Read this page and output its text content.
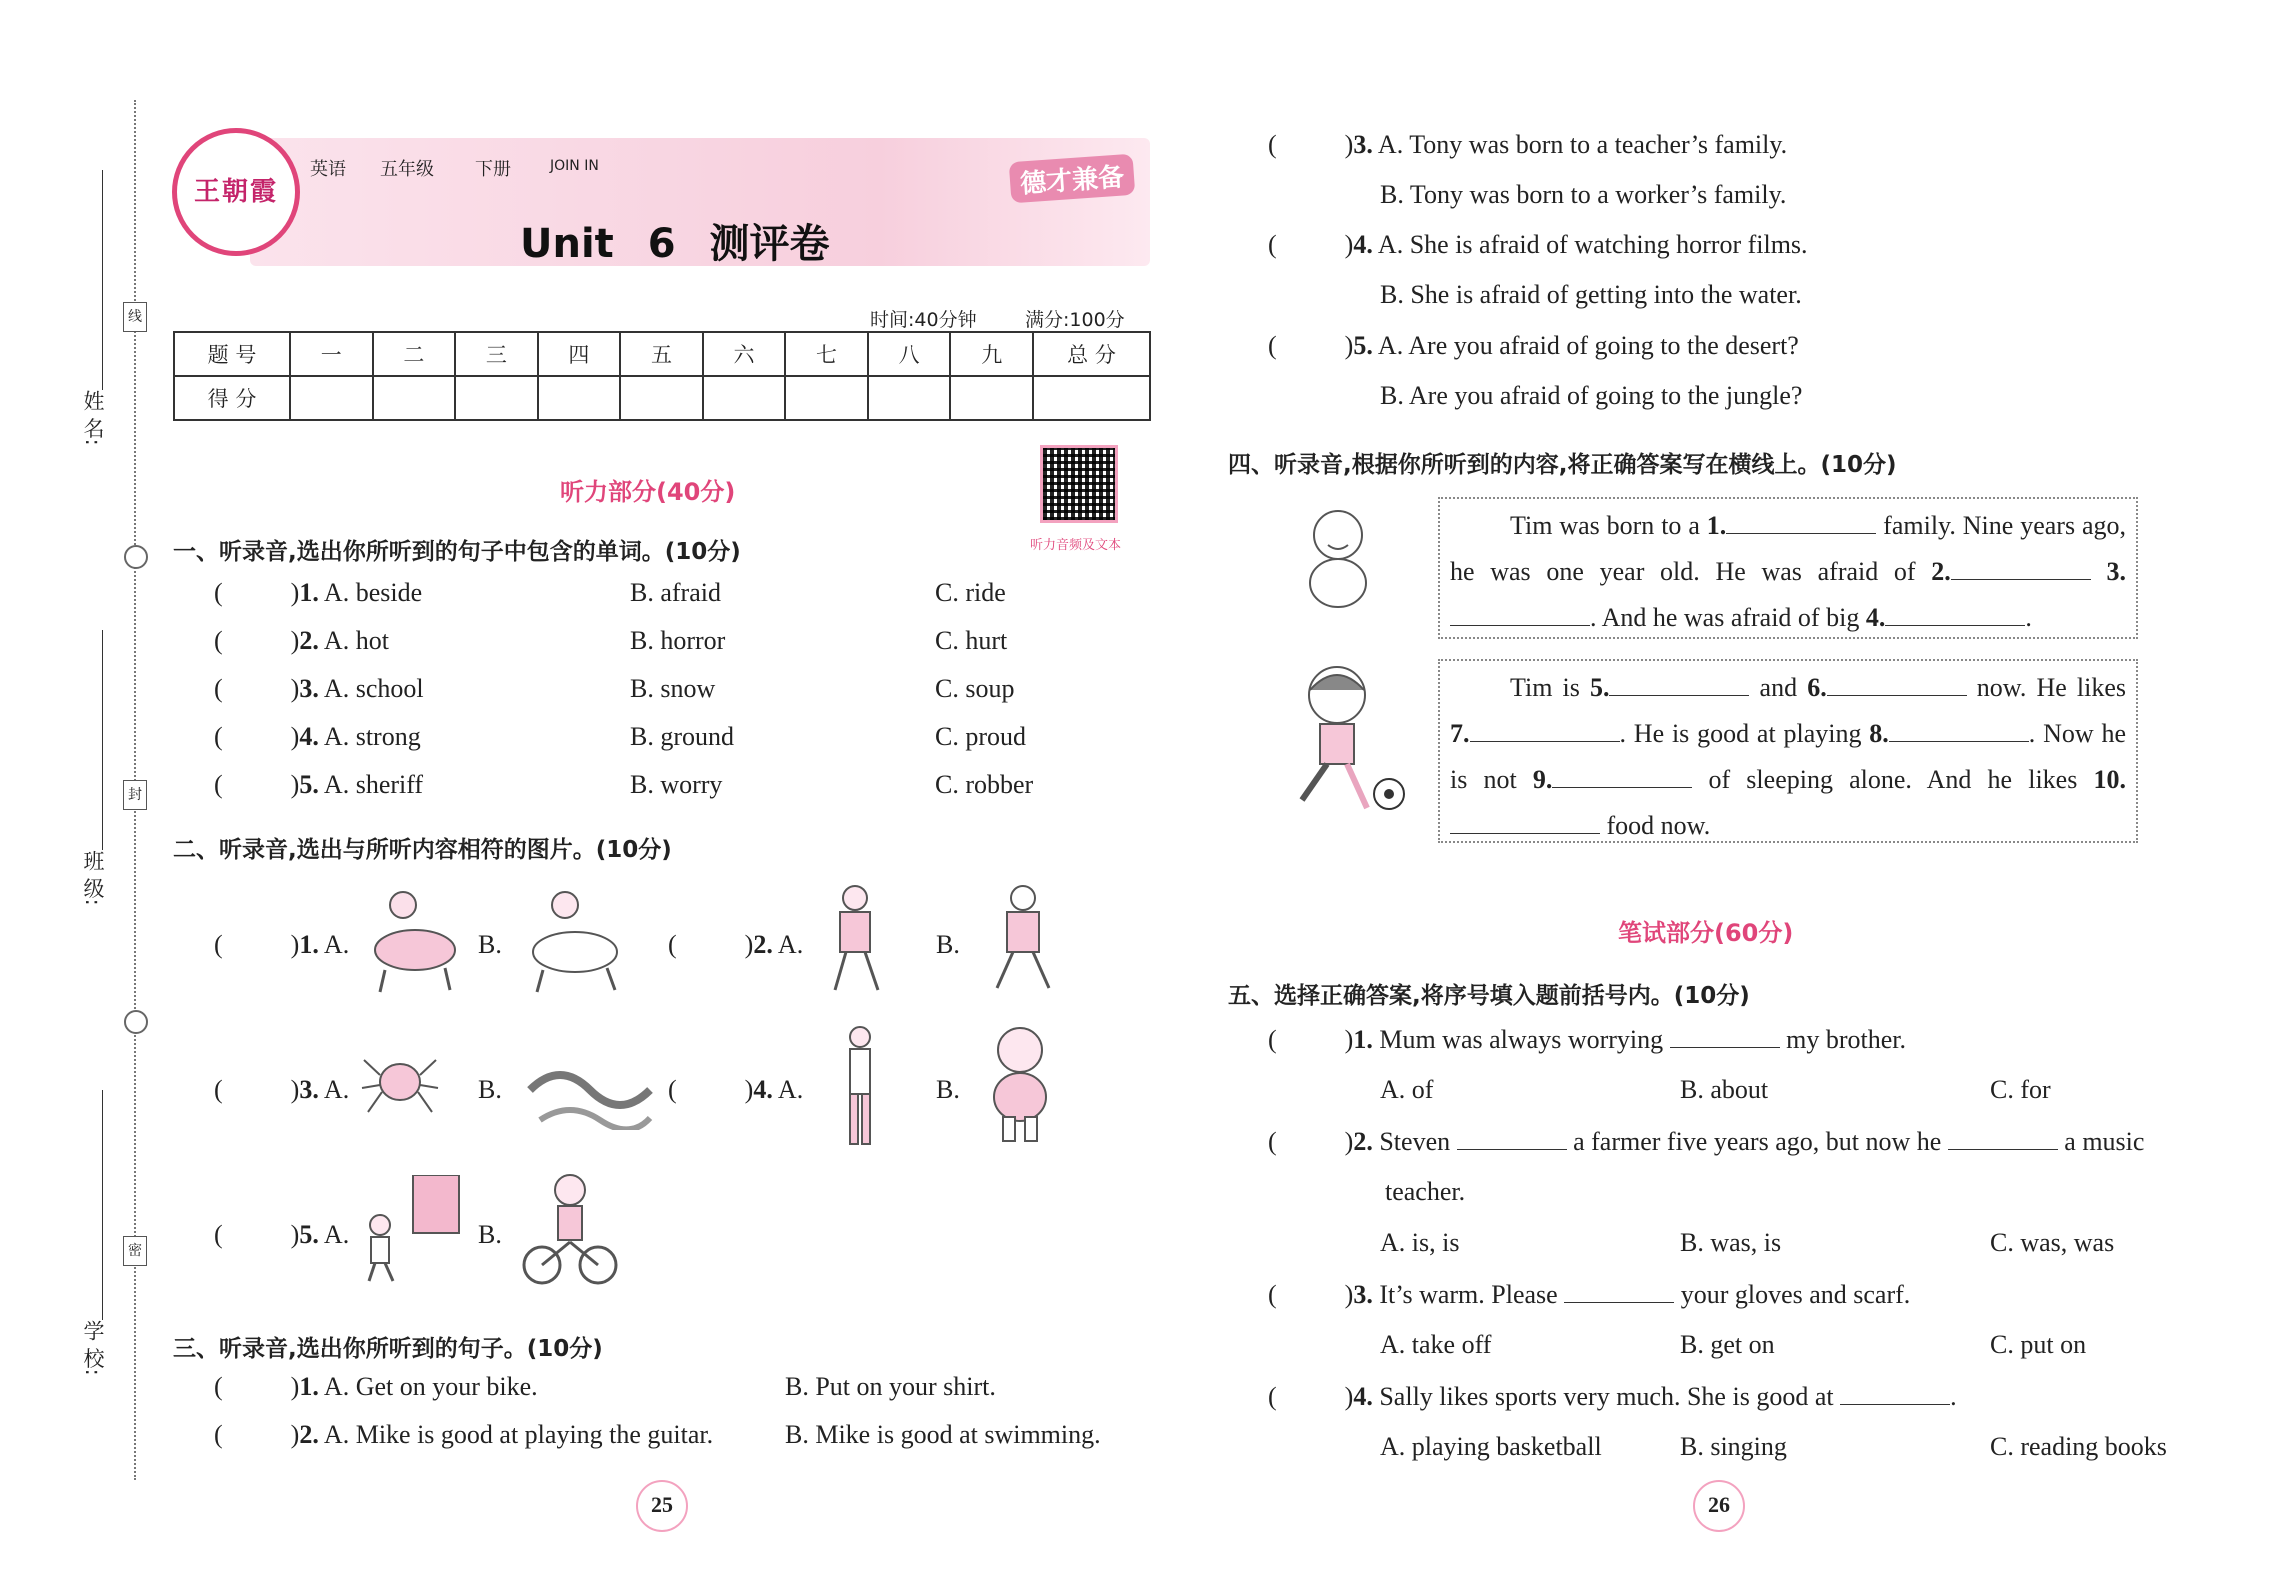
线
封
密
姓 名:
班 级:
学 校:
王朝霞
英语 五年级 下册	JOIN IN
Unit 6 测评卷
德才兼备
时间:40分钟	满分:100分
题 号	一	二	三	四	五	六	七	八	九	总 分
得 分										
听力部分(40分)
听力音频及文本
一、听录音,选出你所听到的句子中包含的单词。(10分)
(	)1. A. beside	B. afraid	C. ride
(	)2. A. hot	B. horror	C. hurt
(	)3. A. school	B. snow	C. soup
(	)4. A. strong	B. ground	C. proud
(	)5. A. sheriff	B. worry	C. robber
二、听录音,选出与所听内容相符的图片。(10分)
(	)1. A.	B.	(	)2. A.	B.
(	)3. A.	B.	(	)4. A.	B.
(	)5. A.	B.
三、听录音,选出你所听到的句子。(10分)
(	)1. A. Get on your bike.	B. Put on your shirt.
(	)2. A. Mike is good at playing the guitar.	B. Mike is good at swimming.
25
(	)3. A. Tony was born to a teacher’s family.
B. Tony was born to a worker’s family.
(	)4. A. She is afraid of watching horror films.
B. She is afraid of getting into the water.
(	)5. A. Are you afraid of going to the desert?
B. Are you afraid of going to the jungle?
四、听录音,根据你所听到的内容,将正确答案写在横线上。(10分)
Tim was born to a 1.	family. Nine years ago, he was one year old. He was afraid of 2.	3.. And he was afraid of big 4.	.
Tim is 5.	and 6.	now. He likes 7.	. He is good at playing 8.	. Now he is not 9.	of sleeping alone. And he likes 10. food now.
笔试部分(60分)
五、选择正确答案,将序号填入题前括号内。(10分)
(	)1. Mum was always worrying	my brother.
A. of	B. about	C. for
(	)2. Steven	a farmer five years ago, but now he	a music
teacher.
A. is, is	B. was, is	C. was, was
(	)3. It’s warm. Please	your gloves and scarf.
A. take off	B. get on	C. put on
(	)4. Sally likes sports very much. She is good at	.
A. playing basketball	B. singing	C. reading books
26
